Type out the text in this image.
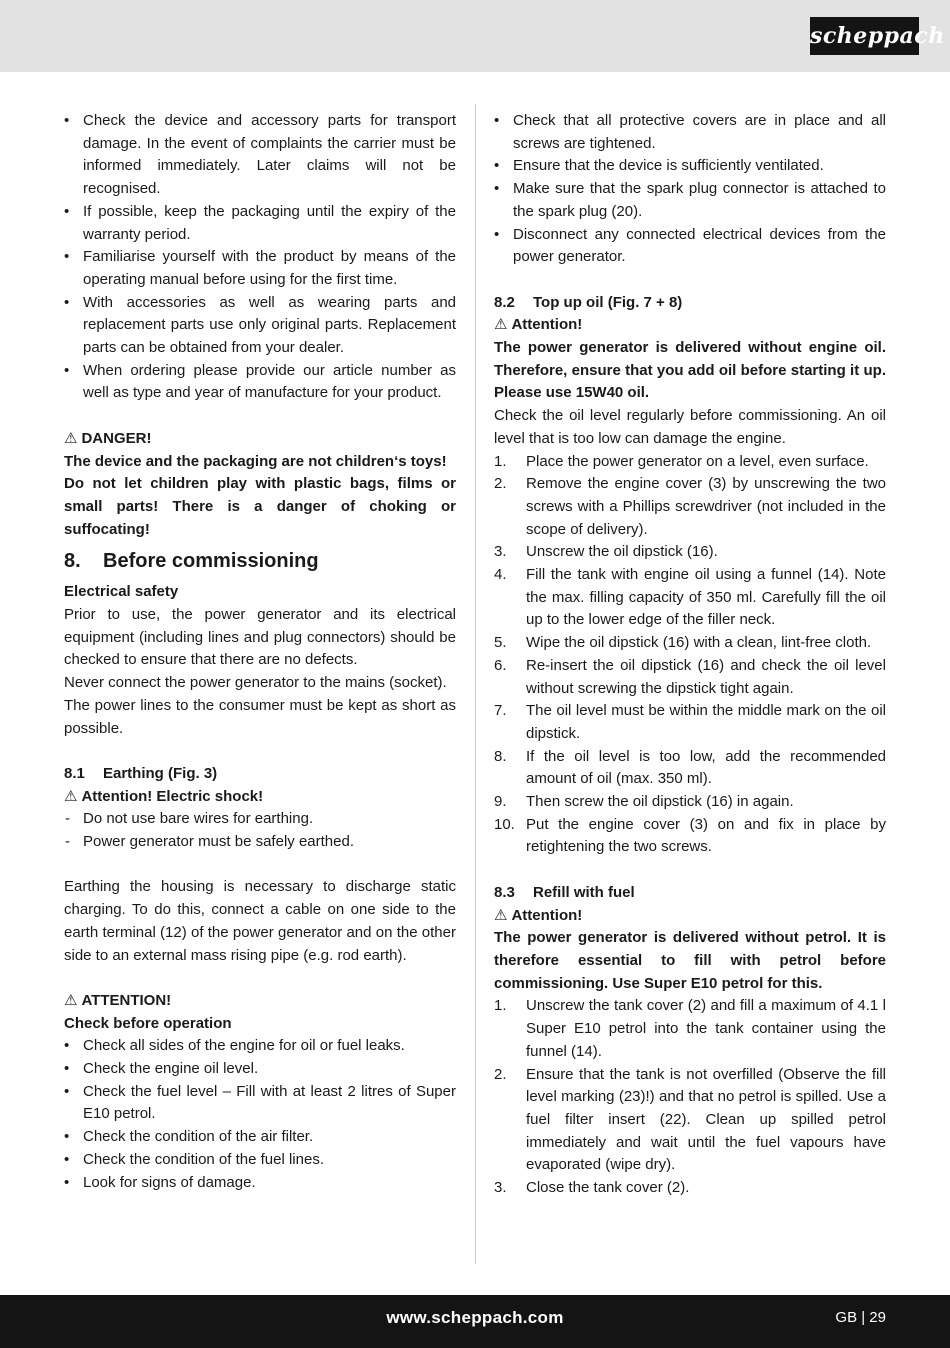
scheppach
• Check the device and accessory parts for transport damage. In the event of complaints the carrier must be informed immediately. Later claims will not be recognised.
• If possible, keep the packaging until the expiry of the warranty period.
• Familiarise yourself with the product by means of the operating manual before using for the first time.
• With accessories as well as wearing parts and replacement parts use only original parts. Replacement parts can be obtained from your dealer.
• When ordering please provide our article number as well as type and year of manufacture for your product.

⚠ DANGER!

The device and the packaging are not children‘s toys!

Do not let children play with plastic bags, films or small parts! There is a danger of choking or suffocating!

8. Before commissioning

Electrical safety

Prior to use, the power generator and its electrical equipment (including lines and plug connectors) should be checked to ensure that there are no defects.

Never connect the power generator to the mains (socket).

The power lines to the consumer must be kept as short as possible.

8.1 Earthing (Fig. 3)

⚠ Attention! Electric shock!

- Do not use bare wires for earthing.
- Power generator must be safely earthed.

Earthing the housing is necessary to discharge static charging. To do this, connect a cable on one side to the earth terminal (12) of the power generator and on the other side to an external mass rising pipe (e.g. rod earth).

⚠ ATTENTION!

Check before operation

• Check all sides of the engine for oil or fuel leaks.
• Check the engine oil level.
• Check the fuel level – Fill with at least 2 litres of Super E10 petrol.
• Check the condition of the air filter.
• Check the condition of the fuel lines.
• Look for signs of damage.
• Check that all protective covers are in place and all screws are tightened.
• Ensure that the device is sufficiently ventilated.
• Make sure that the spark plug connector is attached to the spark plug (20).
• Disconnect any connected electrical devices from the power generator.

8.2 Top up oil (Fig. 7 + 8)

⚠ Attention!

The power generator is delivered without engine oil. Therefore, ensure that you add oil before starting it up. Please use 15W40 oil.

Check the oil level regularly before commissioning. An oil level that is too low can damage the engine.

1. Place the power generator on a level, even surface.
2. Remove the engine cover (3) by unscrewing the two screws with a Phillips screwdriver (not included in the scope of delivery).
3. Unscrew the oil dipstick (16).
4. Fill the tank with engine oil using a funnel (14). Note the max. filling capacity of 350 ml. Carefully fill the oil up to the lower edge of the filler neck.
5. Wipe the oil dipstick (16) with a clean, lint-free cloth.
6. Re-insert the oil dipstick (16) and check the oil level without screwing the dipstick tight again.
7. The oil level must be within the middle mark on the oil dipstick.
8. If the oil level is too low, add the recommended amount of oil (max. 350 ml).
9. Then screw the oil dipstick (16) in again.
10. Put the engine cover (3) on and fix in place by retightening the two screws.

8.3 Refill with fuel

⚠ Attention!

The power generator is delivered without petrol. It is therefore essential to fill with petrol before commissioning. Use Super E10 petrol for this.

1. Unscrew the tank cover (2) and fill a maximum of 4.1 l Super E10 petrol into the tank container using the funnel (14).
2. Ensure that the tank is not overfilled (Observe the fill level marking (23)!) and that no petrol is spilled. Use a fuel filter insert (22). Clean up spilled petrol immediately and wait until the fuel vapours have evaporated (wipe dry).
3. Close the tank cover (2).
www.scheppach.com	GB | 29
